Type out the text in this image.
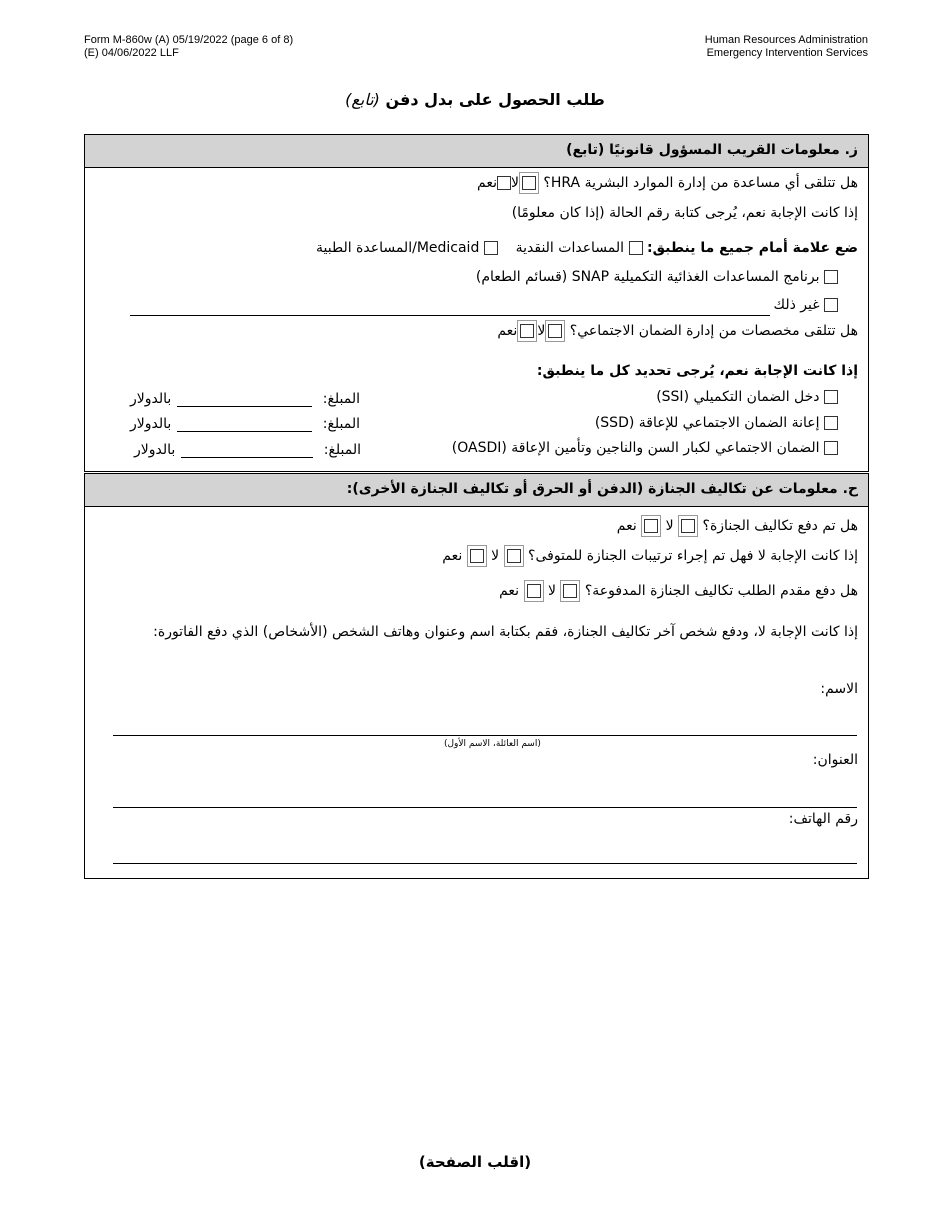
Form M-860w (A) 05/19/2022 (page 6 of 8)
(E) 04/06/2022 LLF
Human Resources Administration
Emergency Intervention Services
طلب الحصول على بدل دفن (تابع)
ز. معلومات القريب المسؤول قانونيًا (تابع)
هل تتلقى أي مساعدة من إدارة الموارد البشرية HRA؟ لانعم
إذا كانت الإجابة نعم، يُرجى كتابة رقم الحالة (إذا كان معلومًا)
ضع علامة أمام جميع ما ينطبق:  المساعدات النقدية     Medicaid/المساعدة الطبية
برنامج المساعدات الغذائية التكميلية SNAP (قسائم الطعام)
غير ذلك
هل تتلقى مخصصات من إدارة الضمان الاجتماعي؟ لانعم
إذا كانت الإجابة نعم، يُرجى تحديد كل ما ينطبق:
دخل الضمان التكميلي (SSI)
المبلغ: بالدولار
إعانة الضمان الاجتماعي للإعاقة (SSD)
المبلغ: بالدولار
الضمان الاجتماعي لكبار السن والناجين وتأمين الإعاقة (OASDI)
المبلغ: بالدولار
ح. معلومات عن تكاليف الجنازة (الدفن أو الحرق أو تكاليف الجنازة الأخرى):
هل تم دفع تكاليف الجنازة؟  لا  نعم
إذا كانت الإجابة لا فهل تم إجراء ترتيبات الجنازة للمتوفى؟  لا  نعم
هل دفع مقدم الطلب تكاليف الجنازة المدفوعة؟  لا  نعم
إذا كانت الإجابة لا، ودفع شخص آخر تكاليف الجنازة، فقم بكتابة اسم وعنوان وهاتف الشخص (الأشخاص) الذي دفع الفاتورة:
الاسم:
(اسم العائلة، الاسم الأول)
العنوان:
رقم الهاتف:
(اقلب الصفحة)
